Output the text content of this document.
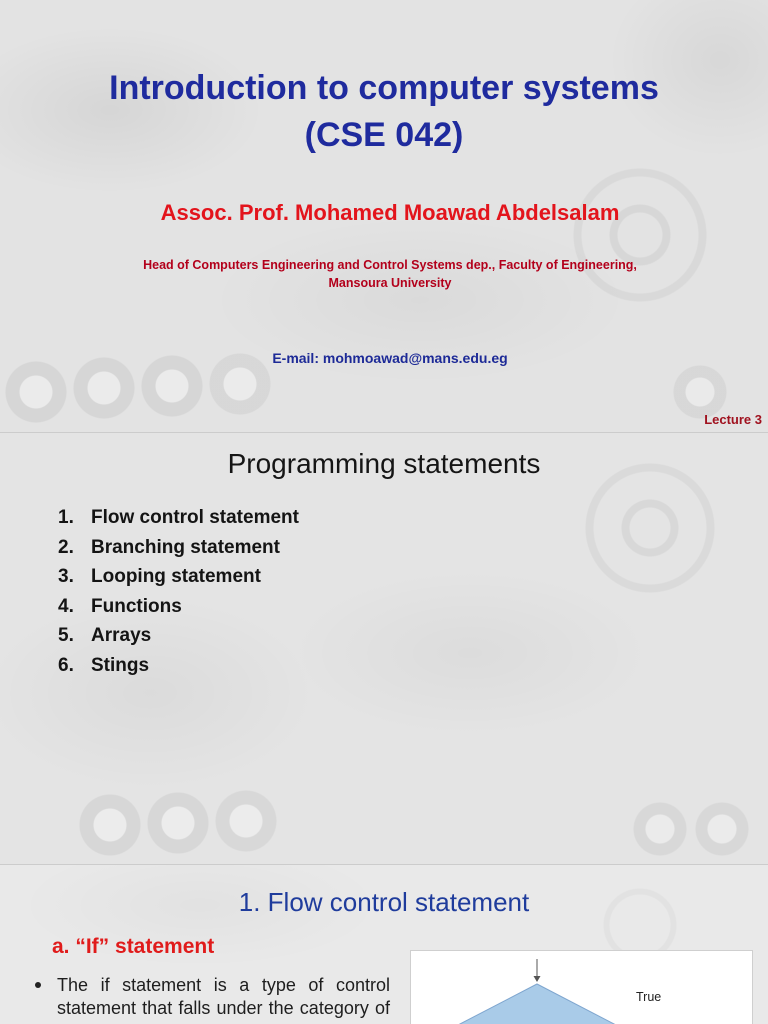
Introduction to computer systems
(CSE 042)

Assoc. Prof. Mohamed Moawad Abdelsalam

Head of Computers Engineering and Control Systems dep., Faculty of Engineering,

Mansoura University

E-mail: mohmoawad@mans.edu.eg

Lecture 3

Programming statements
1. Flow control statement
2. Branching statement
3. Looping statement
4. Functions
5. Arrays
6. Stings
1. Flow control statement
a. “If” statement

The if statement is a type of control

statement that falls under the category of

True
